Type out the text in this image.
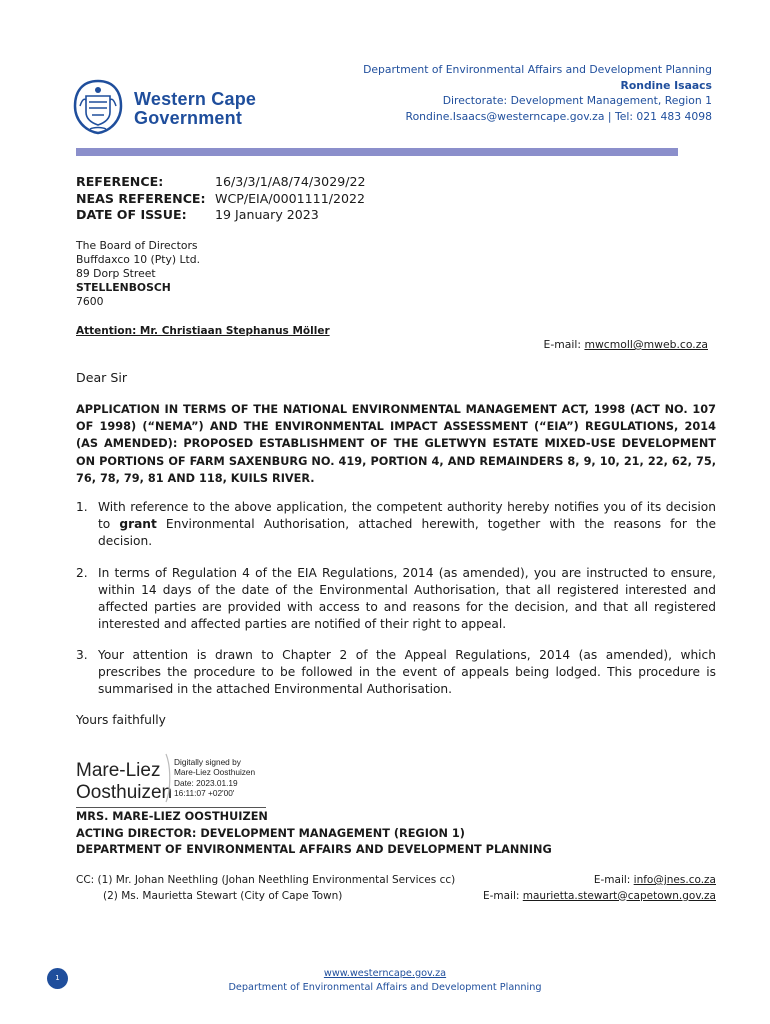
Western Cape
Government
Department of Environmental Affairs and Development Planning
Rondine Isaacs
Directorate: Development Management, Region 1
Rondine.Isaacs@westerncape.gov.za | Tel: 021 483 4098
REFERENCE:	16/3/3/1/A8/74/3029/22
NEAS REFERENCE: WCP/EIA/0001111/2022
DATE OF ISSUE: 19 January 2023
The Board of Directors
Buffdaxco 10 (Pty) Ltd.
89 Dorp Street
STELLENBOSCH
7600
Attention: Mr. Christiaan Stephanus Möller
E-mail: mwcmoll@mweb.co.za
Dear Sir
APPLICATION IN TERMS OF THE NATIONAL ENVIRONMENTAL MANAGEMENT ACT, 1998 (ACT NO. 107 OF 1998) (“NEMA”) AND THE ENVIRONMENTAL IMPACT ASSESSMENT (“EIA”) REGULATIONS, 2014 (AS AMENDED): PROPOSED ESTABLISHMENT OF THE GLETWYN ESTATE MIXED-USE DEVELOPMENT ON PORTIONS OF FARM SAXENBURG NO. 419, PORTION 4, AND REMAINDERS 8, 9, 10, 21, 22, 62, 75, 76, 78, 79, 81 AND 118, KUILS RIVER.
1. With reference to the above application, the competent authority hereby notifies you of its decision to grant Environmental Authorisation, attached herewith, together with the reasons for the decision.
2. In terms of Regulation 4 of the EIA Regulations, 2014 (as amended), you are instructed to ensure, within 14 days of the date of the Environmental Authorisation, that all registered interested and affected parties are provided with access to and reasons for the decision, and that all registered interested and affected parties are notified of their right to appeal.
3. Your attention is drawn to Chapter 2 of the Appeal Regulations, 2014 (as amended), which prescribes the procedure to be followed in the event of appeals being lodged. This procedure is summarised in the attached Environmental Authorisation.
Yours faithfully
Mare-Liez
Oosthuizen
Digitally signed by
Mare-Liez Oosthuizen
Date: 2023.01.19
16:11:07 +02'00'
MRS. MARE-LIEZ OOSTHUIZEN
ACTING DIRECTOR: DEVELOPMENT MANAGEMENT (REGION 1)
DEPARTMENT OF ENVIRONMENTAL AFFAIRS AND DEVELOPMENT PLANNING
CC: (1) Mr. Johan Neethling (Johan Neethling Environmental Services cc)	E-mail: info@jnes.co.za
(2) Ms. Maurietta Stewart (City of Cape Town)	E-mail: maurietta.stewart@capetown.gov.za
1	www.westerncape.gov.za
Department of Environmental Affairs and Development Planning
